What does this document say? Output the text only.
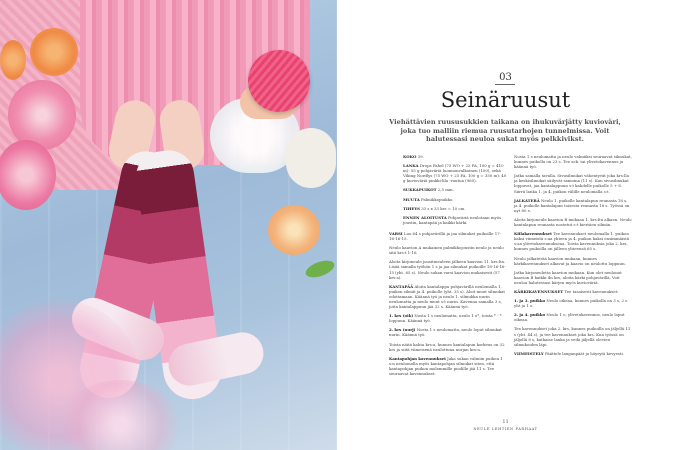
03
Seinäruusut
Viehättävien ruususukkien taikana on ihukuvärjätty kuvioväri, joka tuo malliin riemua ruusutarhojen tunnelmissa. Voit halutessasi neuloa sukat myös pelkkivikst.
KOKO 39.
LANKA Drops Fabel (75 WO + 25 PA, 100 g = 410 m): 55 g pohjaväriä luonnonvalkoinen (100), sekä Viking Nordlys (75 WO + 25 PA, 100 g = 350 m): 40 g kuvioväriä pinkki-lila -ruutua (960).
SUKKAPUIKOT 2,5 mm.
MUUTA Palmikkopuikko.
TIHEYS 33 s x 33 krs = 10 cm.
ENNEN ALOITUSTA Pohjaväriä neulotaan myös joustin, kantapää ja kaikki kärki.
VARSI Luo 64 s pohjavärillä ja jaa silmukat puikoille 17-16-16-15.
Neulo kaavion A mukainen palmikkojoustin neulo ja neulo sitä krs:t 1-16.
Aloita kirjoneule jousitineuleen jälkeen kaavion 11. krs:lta. Lisää samalla työhön 1 s ja jaa silmukat puikoille 18-16-16-15 (yht. 65 s). Neulo sukan varsi kaavion mukaisesti (57 krs:a).
KANTAPÄÄ Aloita kantalappu pohjavärillä neulomalla 1. puikon silmät ja 4. puikolle (yht. 35 s). Aloit muut silmukat odottamaan. Käännä työ ja neulo 1. silmukka nurin neulomatta ja neulo muut s:t nurin. Kavenna samalla 3 s, jotta kantalappuun jää 32 s. Käännä työ.
1. krs (oik) Nosta 1 s neulomatta, neulo 1 o*, toista * - * loppuun. Käännä työ.
2. krs (nurj) Nosta 1 s neulomatta, neulo loput silmukat nurin. Käännä työ.
Toista näitä kahta krs:a, kunnes kantalapun korkeus on 32 krs ja siitä viimeisenä neulottuna nurjan krs:n.
Kantapohjan kavennukset Jaka sukan valmiin puikon 1 s:n neulomalla myös kantapohjan silmukat siten, että kantapohjan puikon molemmille puolille jää 11 s. Tee seuraavat kavennukset.
Nosta 1 s neulomatta ja neulo valmiiksi seuraavat silmukat, kunnes puikolla on 23 s. Tee sek. tai ylivetokavennus ja käännä työ.
Jatka samalla tavalla. Sivusilmukat vähentyvät joka krs:lla ja keskisilmukat säilyvät samoina (11 s). Kun sivusilmukat loppuvat, jaa kantalappuun s:t kahdelle puikolle 5 + 6. Siirrä lanka 1. ja 4. puikon välille neulomalla s:t.
JALKATERÄ Neulo 1. puikolle kantalapun reunasta 18 s, ja 4. puikolle kantalapun toisesta reunasta 18 s. Työssä on nyt 80 s.
Aloita kirjoneule kaavion B mukaan 1. krs:lta alkaen. Neulo kantalapun reunasta nostetut s:t kiertäen silmän.
Kiilakavennukset Tee kavennukset neulomalla 1. puikon kaksi viimeistä s:aa yhteen ja 4. puikon kaksi ensimmäistä s:aa ylivetokavennuksena. Toista kavennuksia joka 2. krs, kunnes puikoilla on jälleen yhteensä 65 s.
Neulo jalkaterää kaavion mukaan, kunnes kärkikavennukset alkavat ja kaavio on neulottu loppuun.
Jatka kirjoneuletta kaavion mukaan. Kun olet neulonut kaavion B kaikki 4n krs, aloita kärki pohjavärillä. Voit neuloa halutessasi kärjen myös kuvioväriä.
KÄRKIKAVENNUKSET Tee tasaisesti kavennukset:
1. ja 3. puikko Neulo oikeaa, kunnes puikolla on 3 s, 2 o yht ja 1 o.
2. ja 4. puikko Neulo 1 o, ylivetokavennus, neulo loput oikeaa.
Tee kavennukset joka 2. krs, kunnes puikoilla on jäljellä 11 s (yht. 44 s), ja tee kavennukset joka krs. Kun työssä on jäljellä 8 s, katkaise lanka ja vedä jäljellä olevien silmukoiden läpi.
VIIMEISTELY Päättele langanpäät ja höyrytä kevyesti.
11
NEULE LEHTIEN PARHAAT
